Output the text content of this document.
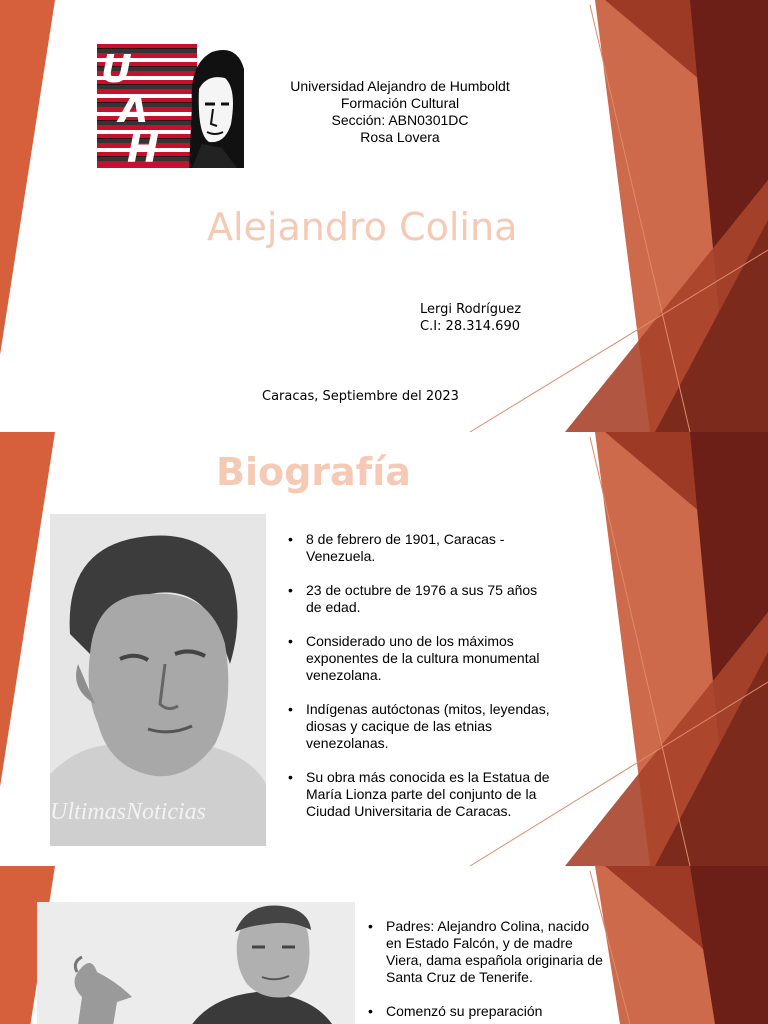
U
A
H
Universidad Alejandro de Humboldt
Formación Cultural
Sección: ABN0301DC
Rosa Lovera
Alejandro Colina
Lergi Rodríguez
C.I: 28.314.690
Caracas, Septiembre del 2023
Biografía
UltimasNoticias
• 8 de febrero de 1901, Caracas - Venezuela.
• 23 de octubre de 1976 a sus 75 años de edad.
• Considerado uno de los máximos exponentes de la cultura monumental venezolana.
• Indígenas autóctonas (mitos, leyendas, diosas y cacique de las etnias venezolanas.
• Su obra más conocida es la Estatua de María Lionza parte del conjunto de la Ciudad Universitaria de Caracas.
• Padres: Alejandro Colina, nacido en Estado Falcón, y de madre Viera, dama española originaria de Santa Cruz de Tenerife.
• Comenzó su preparación
